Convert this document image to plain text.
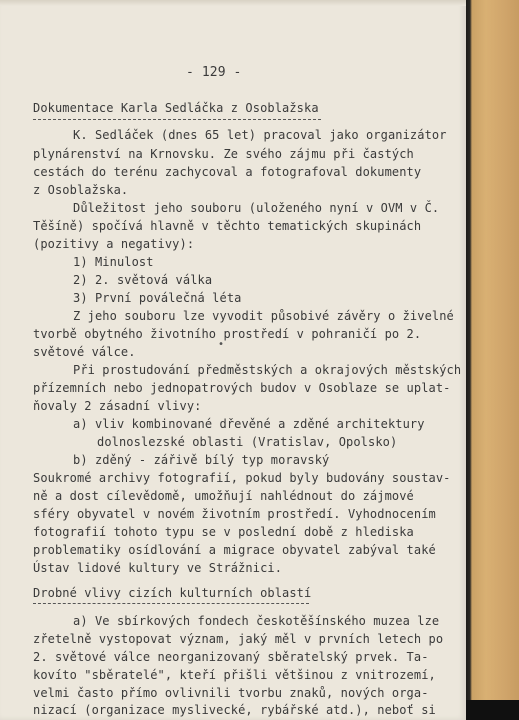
- 129 -
Dokumentace Karla Sedláčka z Osoblažska
K. Sedláček (dnes 65 let) pracoval jako organizátor
plynárenství na Krnovsku. Ze svého zájmu při častých
cestách do terénu zachycoval a fotografoval dokumenty
z Osoblažska.
Důležitost jeho souboru (uloženého nyní v OVM v Č.
Těšíně) spočívá hlavně v těchto tematických skupinách
(pozitivy a negativy):
1) Minulost
2) 2. světová válka
3) První poválečná léta
Z jeho souboru lze vyvodit působivé závěry o živelné
tvorbě obytného životního prostředí v pohraničí po 2.
světové válce.
•
Při prostudování předměstských a okrajových městských
přízemních nebo jednopatrových budov v Osoblaze se uplat-
ňovaly 2 zásadní vlivy:
a) vliv kombinované dřevěné a zděné architektury
dolnoslezské oblasti (Vratislav, Opolsko)
b) zděný - zářivě bílý typ moravský
Soukromé archivy fotografií, pokud byly budovány soustav-
ně a dost cílevědomě, umožňují nahlédnout do zájmové
sféry obyvatel v novém životním prostředí. Vyhodnocením
fotografií tohoto typu se v poslední době z hlediska
problematiky osídlování a migrace obyvatel zabýval také
Ústav lidové kultury ve Strážnici.
Drobné vlivy cizích kulturních oblastí
a) Ve sbírkových fondech českotěšínského muzea lze
zřetelně vystopovat význam, jaký měl v prvních letech po
2. světové válce neorganizovaný sběratelský prvek. Ta-
kovíto "sběratelé", kteří přišli většinou z vnitrozemí,
velmi často přímo ovlivnili tvorbu znaků, nových orga-
nizací (organizace myslivecké, rybářské atd.), neboť si
